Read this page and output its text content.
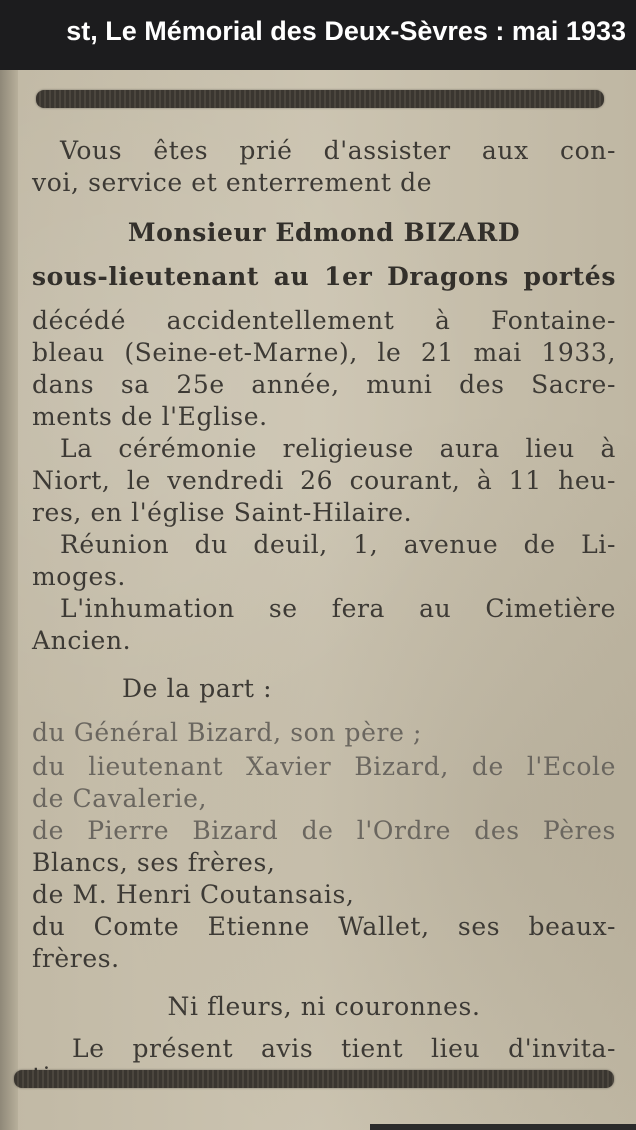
st, Le Mémorial des Deux-Sèvres : mai 1933
Vous êtes prié d'assister aux con-
voi, service et enterrement de
Monsieur Edmond BIZARD
sous-lieutenant au 1er Dragons portés
décédé accidentellement à Fontaine-
bleau (Seine-et-Marne), le 21 mai 1933,
dans sa 25e année, muni des Sacre-
ments de l'Eglise.
La cérémonie religieuse aura lieu à
Niort, le vendredi 26 courant, à 11 heu-
res, en l'église Saint-Hilaire.
Réunion du deuil, 1, avenue de Li-
moges.
L'inhumation se fera au Cimetière
Ancien.
De la part :
du Général Bizard, son père ;
du lieutenant Xavier Bizard, de l'Ecole
de Cavalerie,
de Pierre Bizard de l'Ordre des Pères
Blancs, ses frères,
de M. Henri Coutansais,
du Comte Etienne Wallet, ses beaux-
frères.
Ni fleurs, ni couronnes.
Le présent avis tient lieu d'invita-
